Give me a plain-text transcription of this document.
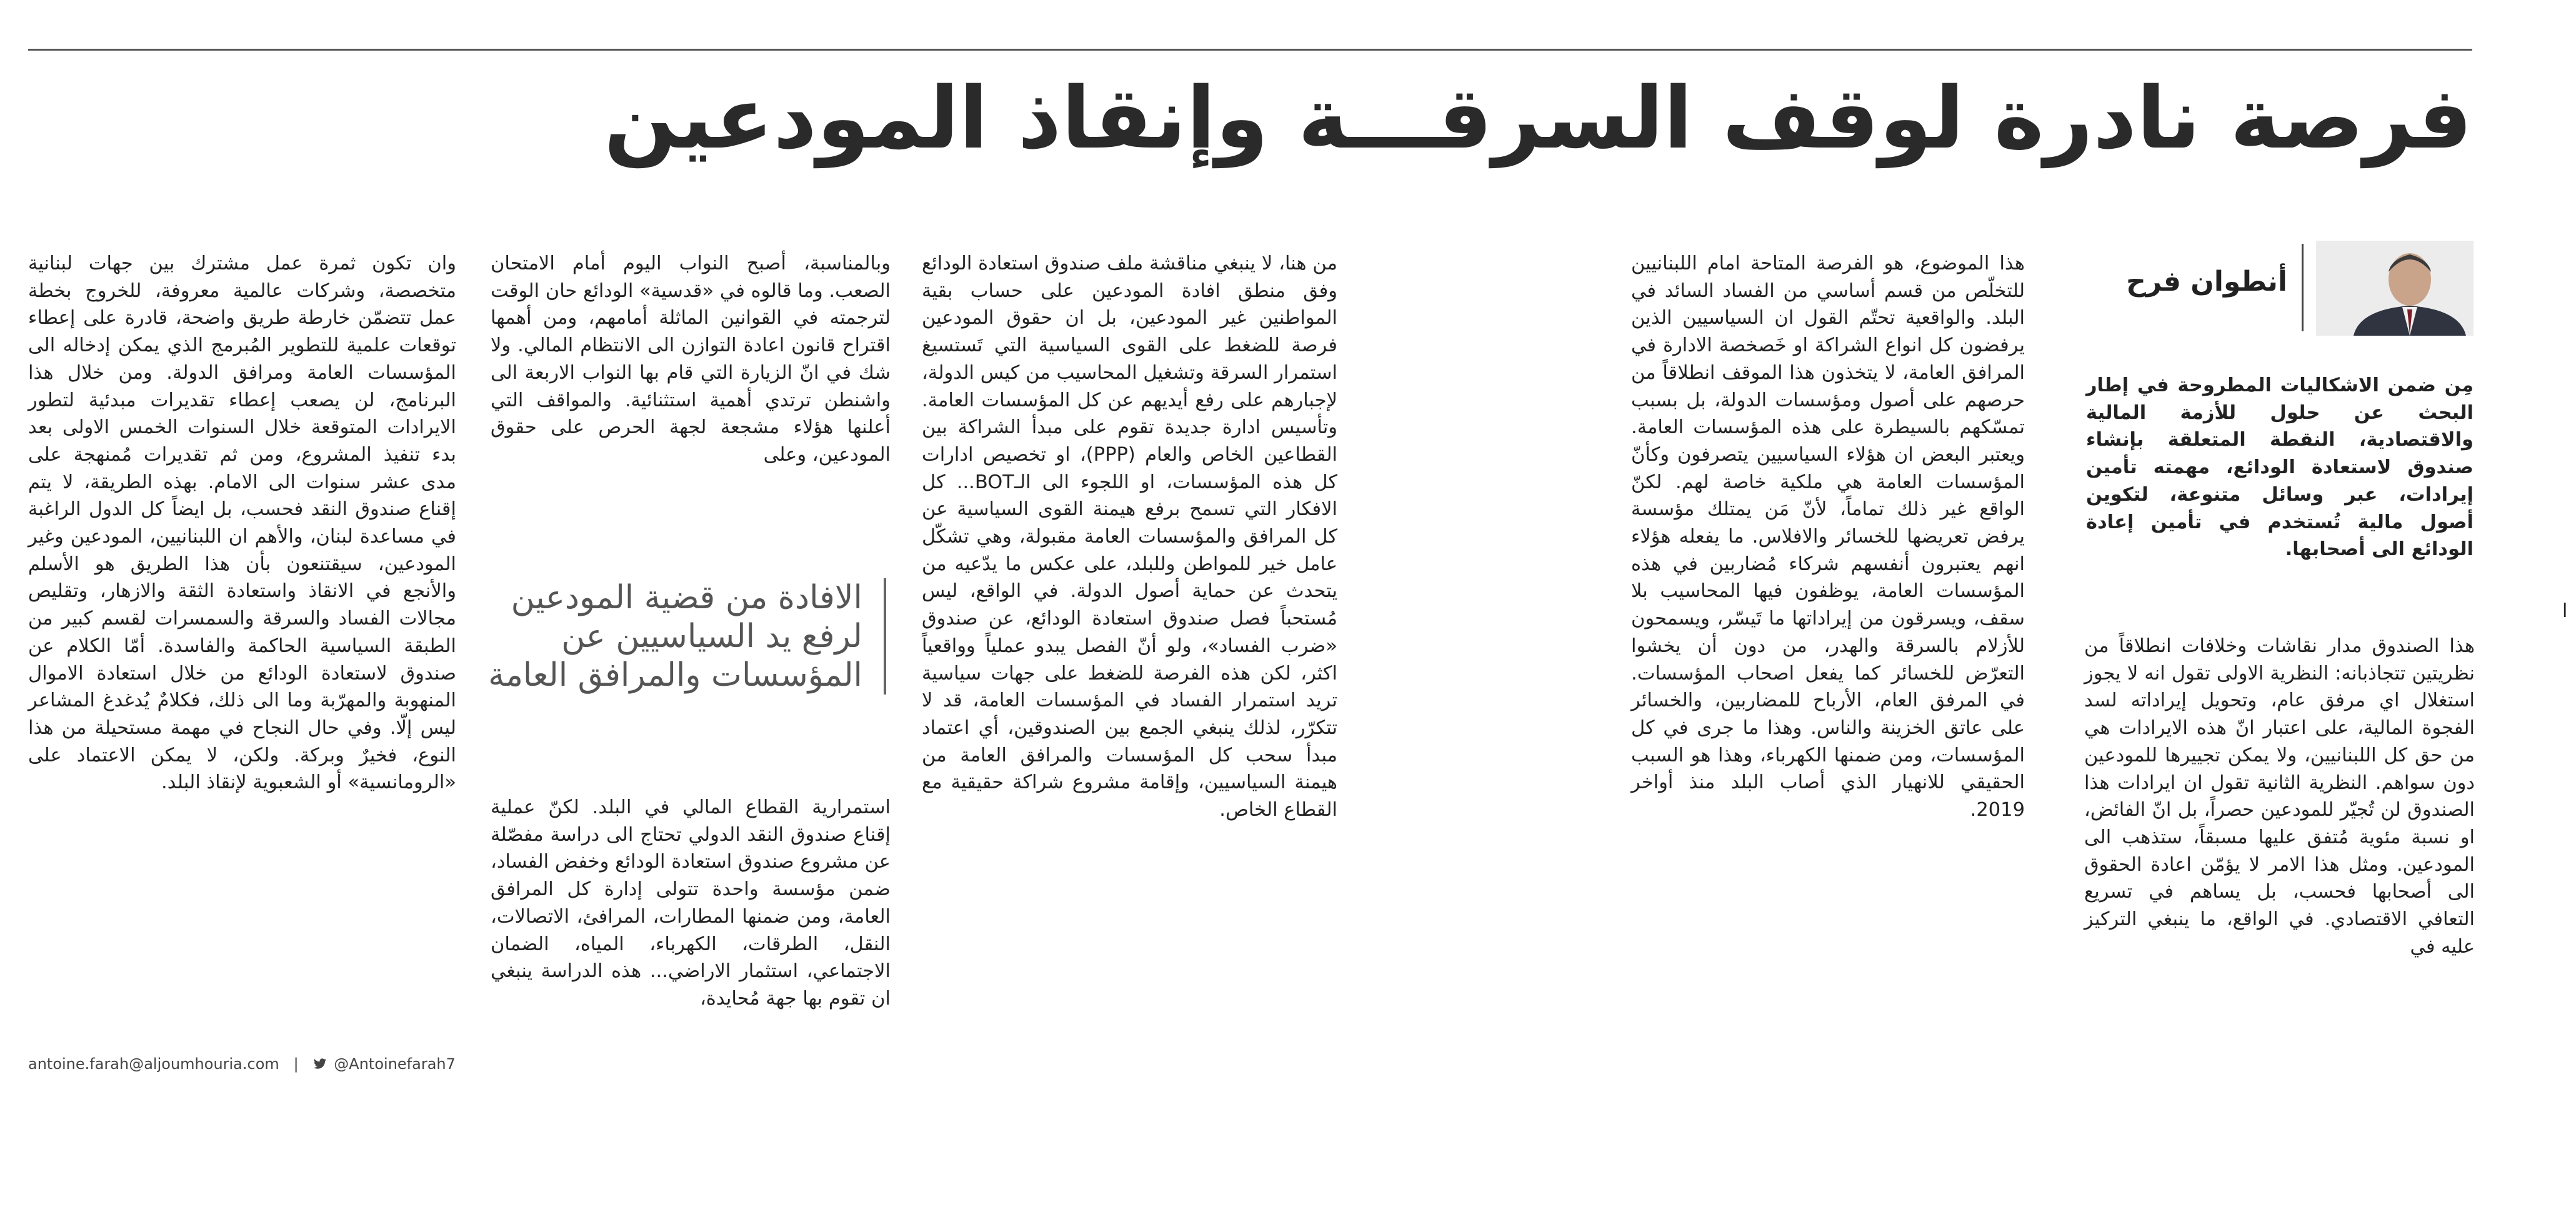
فرصة نادرة لوقف السرقـــة وإنقاذ المودعين
أنطوان فرح
مِن ضمن الاشكاليات المطروحة في إطار البحث عن حلول للأزمة المالية والاقتصادية، النقطة المتعلقة بإنشاء صندوق لاستعادة الودائع، مهمته تأمين إيرادات، عبر وسائل متنوعة، لتكوين أصول مالية تُستخدم في تأمين إعادة الودائع الى أصحابها.

هذا الصندوق مدار نقاشات وخلافات انطلاقاً من نظريتين تتجاذبانه: النظرية الاولى تقول انه لا يجوز استغلال اي مرفق عام، وتحويل إيراداته لسد الفجوة المالية، على اعتبار انّ هذه الايرادات هي من حق كل اللبنانيين، ولا يمكن تجييرها للمودعين دون سواهم. النظرية الثانية تقول ان ايرادات هذا الصندوق لن تُجيّر للمودعين حصراً، بل انّ الفائض، او نسبة مئوية مُتفق عليها مسبقاً، ستذهب الى المودعين. ومثل هذا الامر لا يؤمّن اعادة الحقوق الى أصحابها فحسب، بل يساهم في تسريع التعافي الاقتصادي. في الواقع، ما ينبغي التركيز عليه في

هذا الموضوع، هو الفرصة المتاحة امام اللبنانيين للتخلّص من قسم أساسي من الفساد السائد في البلد. والواقعية تحتّم القول ان السياسيين الذين يرفضون كل انواع الشراكة او خَصخصة الادارة في المرافق العامة، لا يتخذون هذا الموقف انطلاقاً من حرصهم على أصول ومؤسسات الدولة، بل بسبب تمسّكهم بالسيطرة على هذه المؤسسات العامة. ويعتبر البعض ان هؤلاء السياسيين يتصرفون وكأنّ المؤسسات العامة هي ملكية خاصة لهم. لكنّ الواقع غير ذلك تماماً، لأنّ مَن يمتلك مؤسسة يرفض تعريضها للخسائر والافلاس. ما يفعله هؤلاء انهم يعتبرون أنفسهم شركاء مُضاربين في هذه المؤسسات العامة، يوظفون فيها المحاسيب بلا سقف، ويسرقون من إيراداتها ما تَيسّر، ويسمحون للأزلام بالسرقة والهدر، من دون أن يخشوا التعرّض للخسائر كما يفعل اصحاب المؤسسات. في المرفق العام، الأرباح للمضاربين، والخسائر على عاتق الخزينة والناس. وهذا ما جرى في كل المؤسسات، ومن ضمنها الكهرباء، وهذا هو السبب الحقيقي للانهيار الذي أصاب البلد منذ أواخر 2019.

من هنا، لا ينبغي مناقشة ملف صندوق استعادة الودائع وفق منطق افادة المودعين على حساب بقية المواطنين غير المودعين، بل ان حقوق المودعين فرصة للضغط على القوى السياسية التي تَستسيغ استمرار السرقة وتشغيل المحاسيب من كيس الدولة، لإجبارهم على رفع أيديهم عن كل المؤسسات العامة. وتأسيس ادارة جديدة تقوم على مبدأ الشراكة بين القطاعين الخاص والعام (PPP)، او تخصيص ادارات كل هذه المؤسسات، او اللجوء الى الـBOT... كل الافكار التي تسمح برفع هيمنة القوى السياسية عن كل المرافق والمؤسسات العامة مقبولة، وهي تشكّل عامل خير للمواطن وللبلد، على عكس ما يدّعيه من يتحدث عن حماية أصول الدولة. في الواقع، ليس مُستحباً فصل صندوق استعادة الودائع، عن صندوق «ضرب الفساد»، ولو أنّ الفصل يبدو عملياً وواقعياً اكثر، لكن هذه الفرصة للضغط على جهات سياسية تريد استمرار الفساد في المؤسسات العامة، قد لا تتكرّر، لذلك ينبغي الجمع بين الصندوقين، أي اعتماد مبدأ سحب كل المؤسسات والمرافق العامة من هيمنة السياسيين، وإقامة مشروع شراكة حقيقية مع القطاع الخاص.

وبالمناسبة، أصبح النواب اليوم أمام الامتحان الصعب. وما قالوه في «قدسية» الودائع حان الوقت لترجمته في القوانين الماثلة أمامهم، ومن أهمها اقتراح قانون اعادة التوازن الى الانتظام المالي. ولا شك في انّ الزيارة التي قام بها النواب الاربعة الى واشنطن ترتدي أهمية استثنائية. والمواقف التي أعلنها هؤلاء مشجعة لجهة الحرص على حقوق المودعين، وعلى

الافادة من قضية المودعين لرفع يد السياسيين عن المؤسسات والمرافق العامة

استمرارية القطاع المالي في البلد. لكنّ عملية إقناع صندوق النقد الدولي تحتاج الى دراسة مفصّلة عن مشروع صندوق استعادة الودائع وخفض الفساد، ضمن مؤسسة واحدة تتولى إدارة كل المرافق العامة، ومن ضمنها المطارات، المرافئ، الاتصالات، النقل، الطرقات، الكهرباء، المياه، الضمان الاجتماعي، استثمار الاراضي... هذه الدراسة ينبغي ان تقوم بها جهة مُحايدة،

وان تكون ثمرة عمل مشترك بين جهات لبنانية متخصصة، وشركات عالمية معروفة، للخروج بخطة عمل تتضمّن خارطة طريق واضحة، قادرة على إعطاء توقعات علمية للتطوير المُبرمج الذي يمكن إدخاله الى المؤسسات العامة ومرافق الدولة. ومن خلال هذا البرنامج، لن يصعب إعطاء تقديرات مبدئية لتطور الايرادات المتوقعة خلال السنوات الخمس الاولى بعد بدء تنفيذ المشروع، ومن ثم تقديرات مُمنهجة على مدى عشر سنوات الى الامام. بهذه الطريقة، لا يتم إقناع صندوق النقد فحسب، بل ايضاً كل الدول الراغبة في مساعدة لبنان، والأهم ان اللبنانيين، المودعين وغير المودعين، سيقتنعون بأن هذا الطريق هو الأسلم والأنجع في الانقاذ واستعادة الثقة والازهار، وتقليص مجالات الفساد والسرقة والسمسرات لقسم كبير من الطبقة السياسية الحاكمة والفاسدة. أمّا الكلام عن صندوق لاستعادة الودائع من خلال استعادة الاموال المنهوبة والمهرّبة وما الى ذلك، فكلامٌ يُدغدغ المشاعر ليس إلّا. وفي حال النجاح في مهمة مستحيلة من هذا النوع، فخيرٌ وبركة. ولكن، لا يمكن الاعتماد على «الرومانسية» أو الشعبوية لإنقاذ البلد.

antoine.farah@aljoumhouria.com | @Antoinefarah7
ا
